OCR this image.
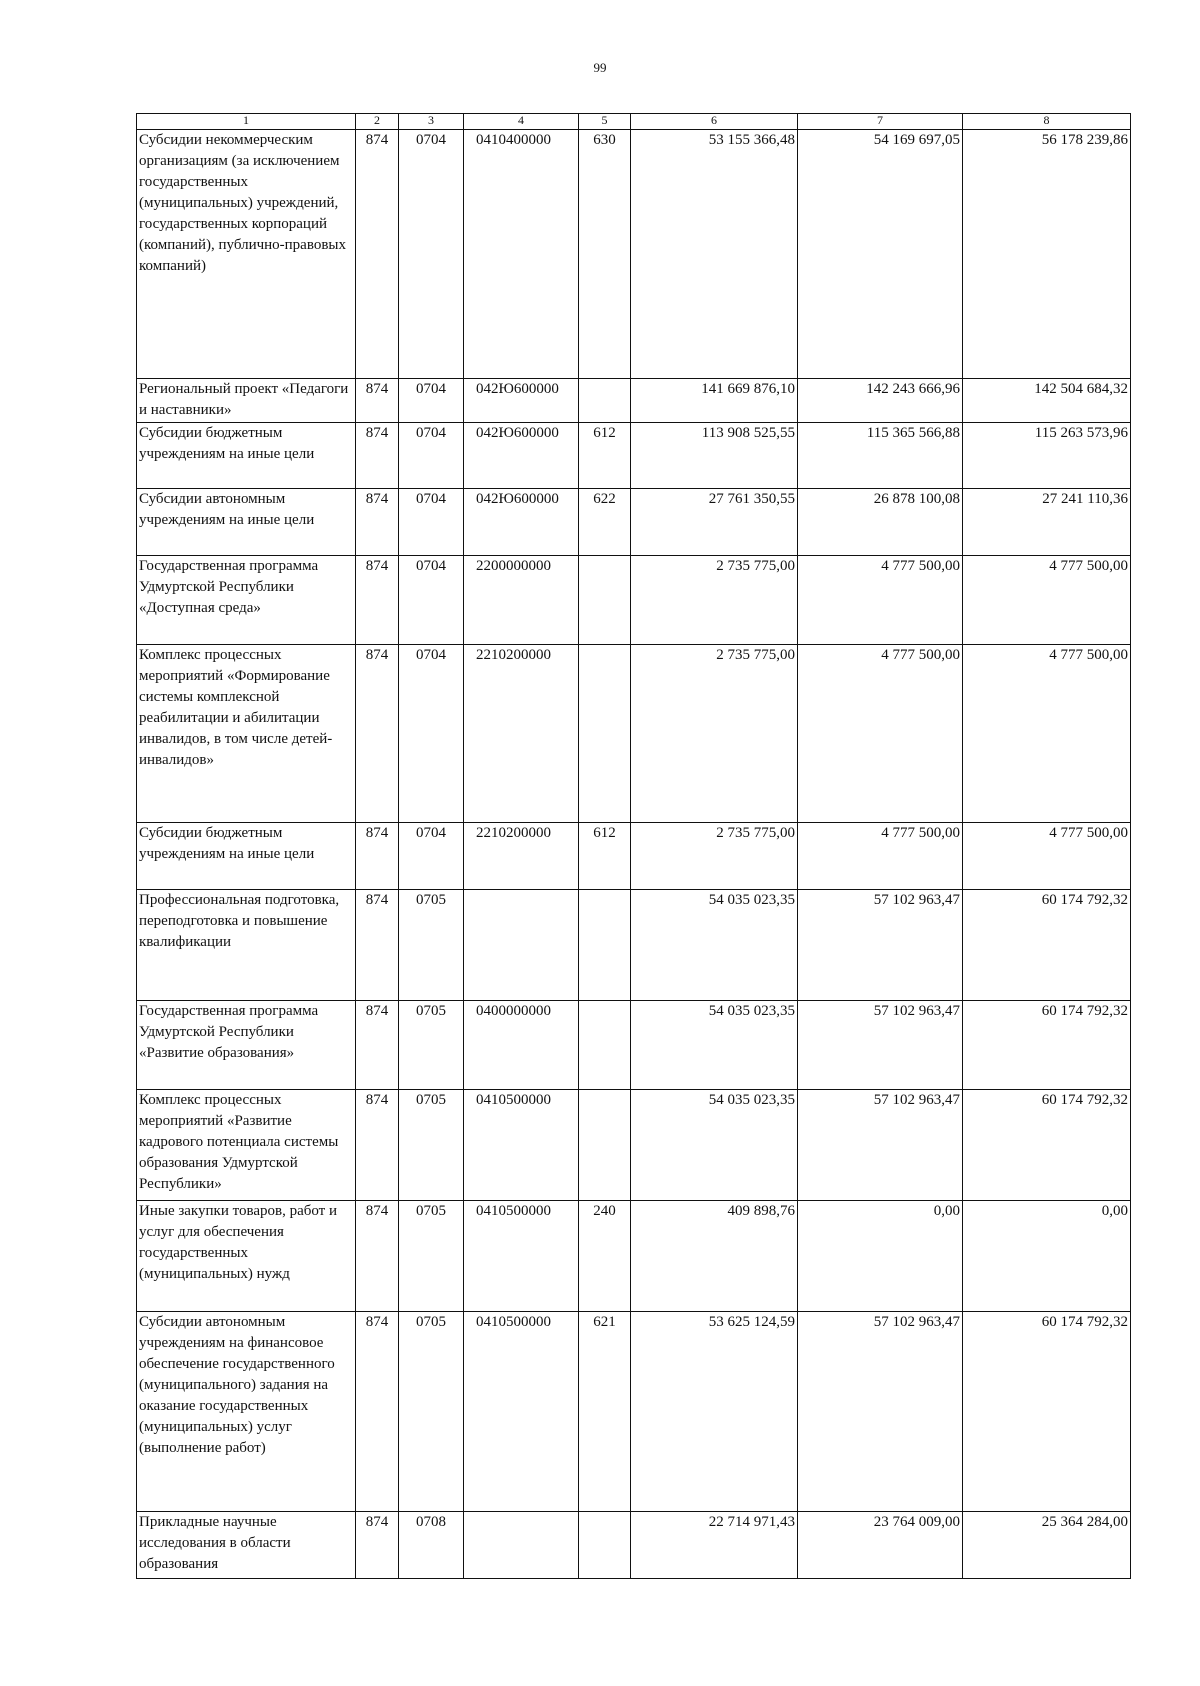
99
1	2	3	4	5	6	7	8
Субсидии некоммерческим организациям (за исключением государственных (муниципальных) учреждений, государственных корпораций (компаний), публично-правовых компаний)	874	0704	0410400000	630	53 155 366,48	54 169 697,05	56 178 239,86
Региональный проект «Педагоги и наставники»	874	0704	042Ю600000		141 669 876,10	142 243 666,96	142 504 684,32
Субсидии бюджетным учреждениям на иные цели	874	0704	042Ю600000	612	113 908 525,55	115 365 566,88	115 263 573,96
Субсидии автономным учреждениям на иные цели	874	0704	042Ю600000	622	27 761 350,55	26 878 100,08	27 241 110,36
Государственная программа Удмуртской Республики «Доступная среда»	874	0704	2200000000		2 735 775,00	4 777 500,00	4 777 500,00
Комплекс процессных мероприятий «Формирование системы комплексной реабилитации и абилитации инвалидов, в том числе детей-инвалидов»	874	0704	2210200000		2 735 775,00	4 777 500,00	4 777 500,00
Субсидии бюджетным учреждениям на иные цели	874	0704	2210200000	612	2 735 775,00	4 777 500,00	4 777 500,00
Профессиональная подготовка, переподготовка и повышение квалификации	874	0705			54 035 023,35	57 102 963,47	60 174 792,32
Государственная программа Удмуртской Республики «Развитие образования»	874	0705	0400000000		54 035 023,35	57 102 963,47	60 174 792,32
Комплекс процессных мероприятий «Развитие кадрового потенциала системы образования Удмуртской Республики»	874	0705	0410500000		54 035 023,35	57 102 963,47	60 174 792,32
Иные закупки товаров, работ и услуг для обеспечения государственных (муниципальных) нужд	874	0705	0410500000	240	409 898,76	0,00	0,00
Субсидии автономным учреждениям на финансовое обеспечение государственного (муниципального) задания на оказание государственных (муниципальных) услуг (выполнение работ)	874	0705	0410500000	621	53 625 124,59	57 102 963,47	60 174 792,32
Прикладные научные исследования в области образования	874	0708			22 714 971,43	23 764 009,00	25 364 284,00
